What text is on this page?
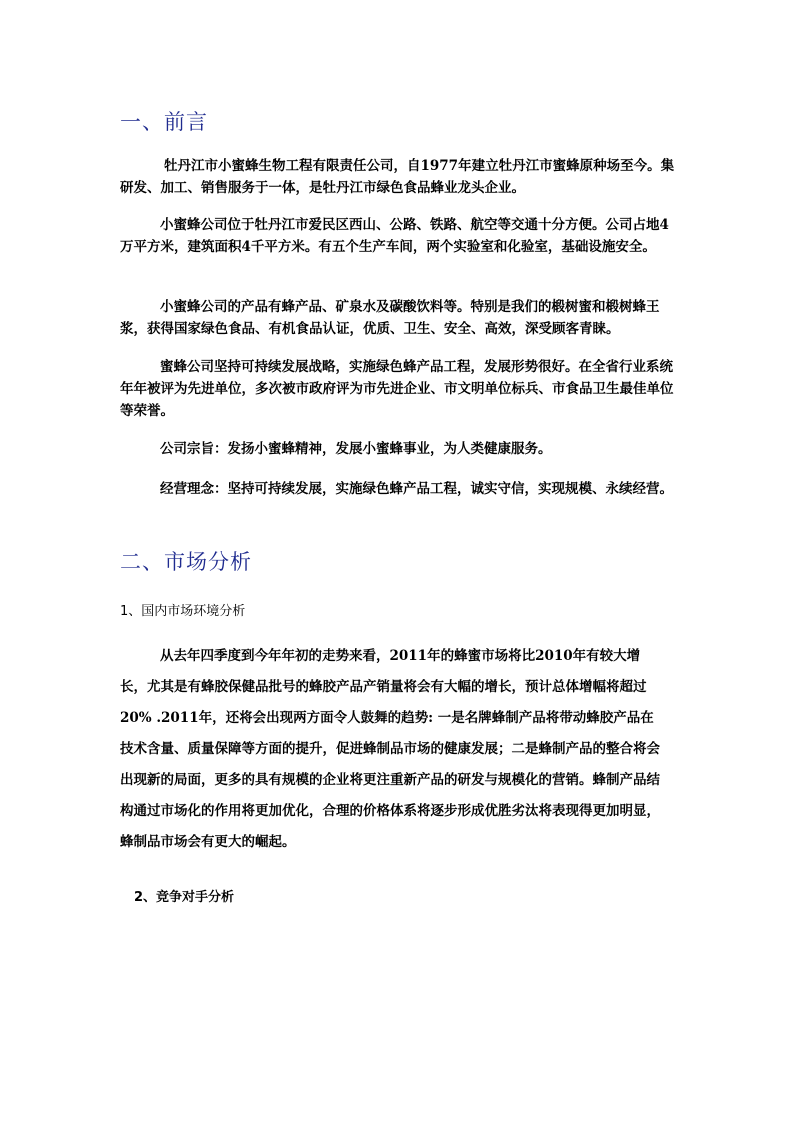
一、前言

牡丹江市小蜜蜂生物工程有限责任公司，自1977年建立牡丹江市蜜蜂原种场至今。集研发、加工、销售服务于一体，是牡丹江市绿色食品蜂业龙头企业。

小蜜蜂公司位于牡丹江市爱民区西山、公路、铁路、航空等交通十分方便。公司占地4万平方米，建筑面积4千平方米。有五个生产车间，两个实验室和化验室，基础设施安全。

小蜜蜂公司的产品有蜂产品、矿泉水及碳酸饮料等。特别是我们的椴树蜜和椴树蜂王浆，获得国家绿色食品、有机食品认证，优质、卫生、安全、高效，深受顾客青睐。

蜜蜂公司坚持可持续发展战略，实施绿色蜂产品工程，发展形势很好。在全省行业系统年年被评为先进单位，多次被市政府评为市先进企业、市文明单位标兵、市食品卫生最佳单位等荣誉。

公司宗旨：发扬小蜜蜂精神，发展小蜜蜂事业，为人类健康服务。

经营理念：坚持可持续发展，实施绿色蜂产品工程，诚实守信，实现规模、永续经营。

二、市场分析

1、国内市场环境分析

从去年四季度到今年年初的走势来看，2011年的蜂蜜市场将比2010年有较大增长，尤其是有蜂胶保健品批号的蜂胶产品产销量将会有大幅的增长，预计总体增幅将超过20% .2011年，还将会出现两方面令人鼓舞的趋势: 一是名牌蜂制产品将带动蜂胶产品在技术含量、质量保障等方面的提升，促进蜂制品市场的健康发展；二是蜂制产品的整合将会出现新的局面，更多的具有规模的企业将更注重新产品的研发与规模化的营销。蜂制产品结构通过市场化的作用将更加优化，合理的价格体系将逐步形成优胜劣汰将表现得更加明显，蜂制品市场会有更大的崛起。

2、竞争对手分析
